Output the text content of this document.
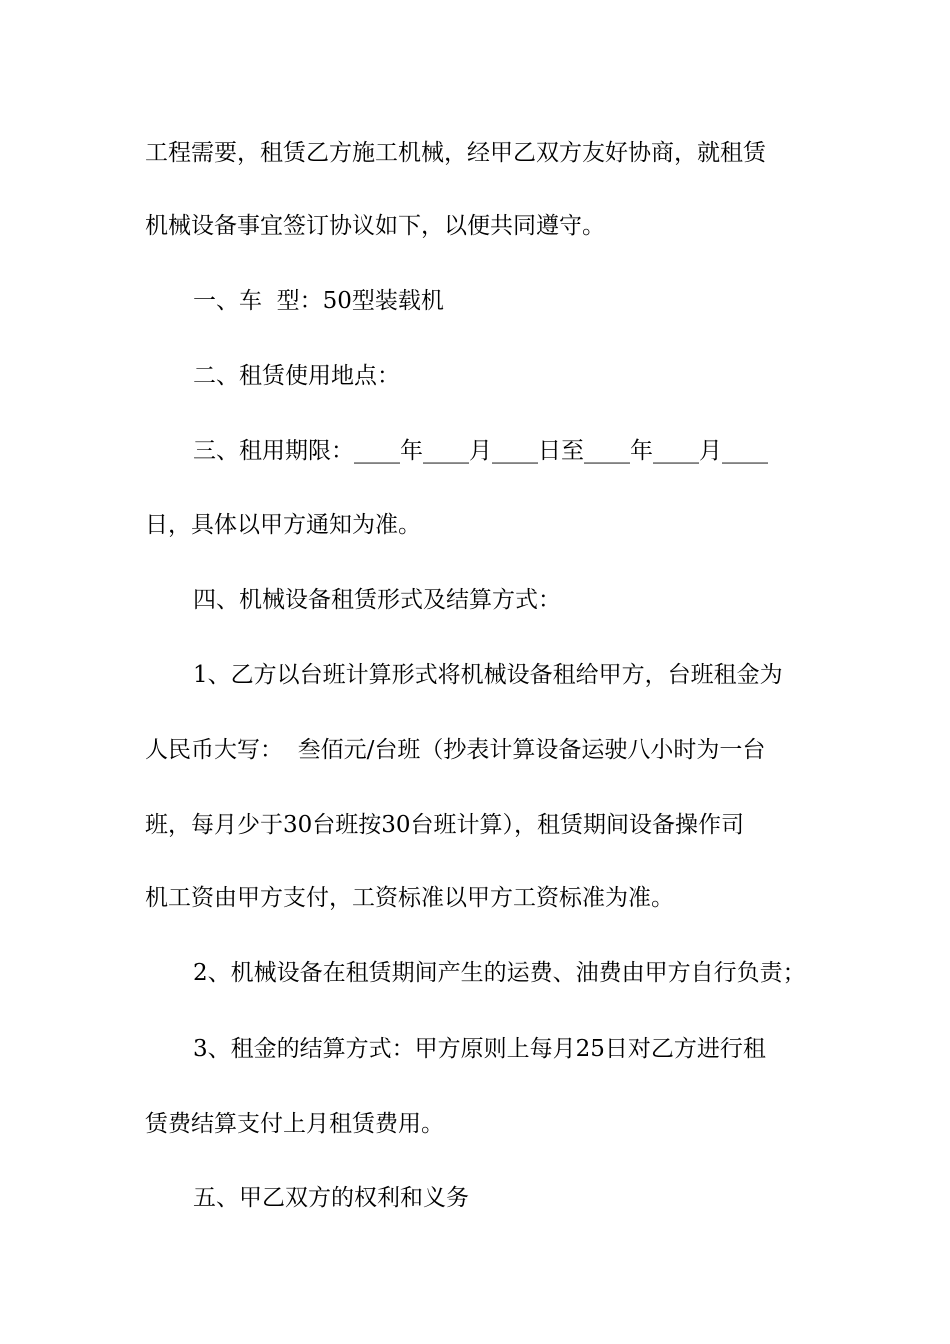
工程需要，租赁乙方施工机械，经甲乙双方友好协商，就租赁
机械设备事宜签订协议如下，以便共同遵守。
一、车  型：50型装载机
二、租赁使用地点：
三、租用期限：____年____月____日至____年____月____
日，具体以甲方通知为准。
四、机械设备租赁形式及结算方式：
1、乙方以台班计算形式将机械设备租给甲方，台班租金为
人民币大写：  叁佰元/台班（抄表计算设备运驶八小时为一台
班，每月少于30台班按30台班计算），租赁期间设备操作司
机工资由甲方支付，工资标准以甲方工资标准为准。
2、机械设备在租赁期间产生的运费、油费由甲方自行负责；
3、租金的结算方式：甲方原则上每月25日对乙方进行租
赁费结算支付上月租赁费用。
五、甲乙双方的权利和义务
